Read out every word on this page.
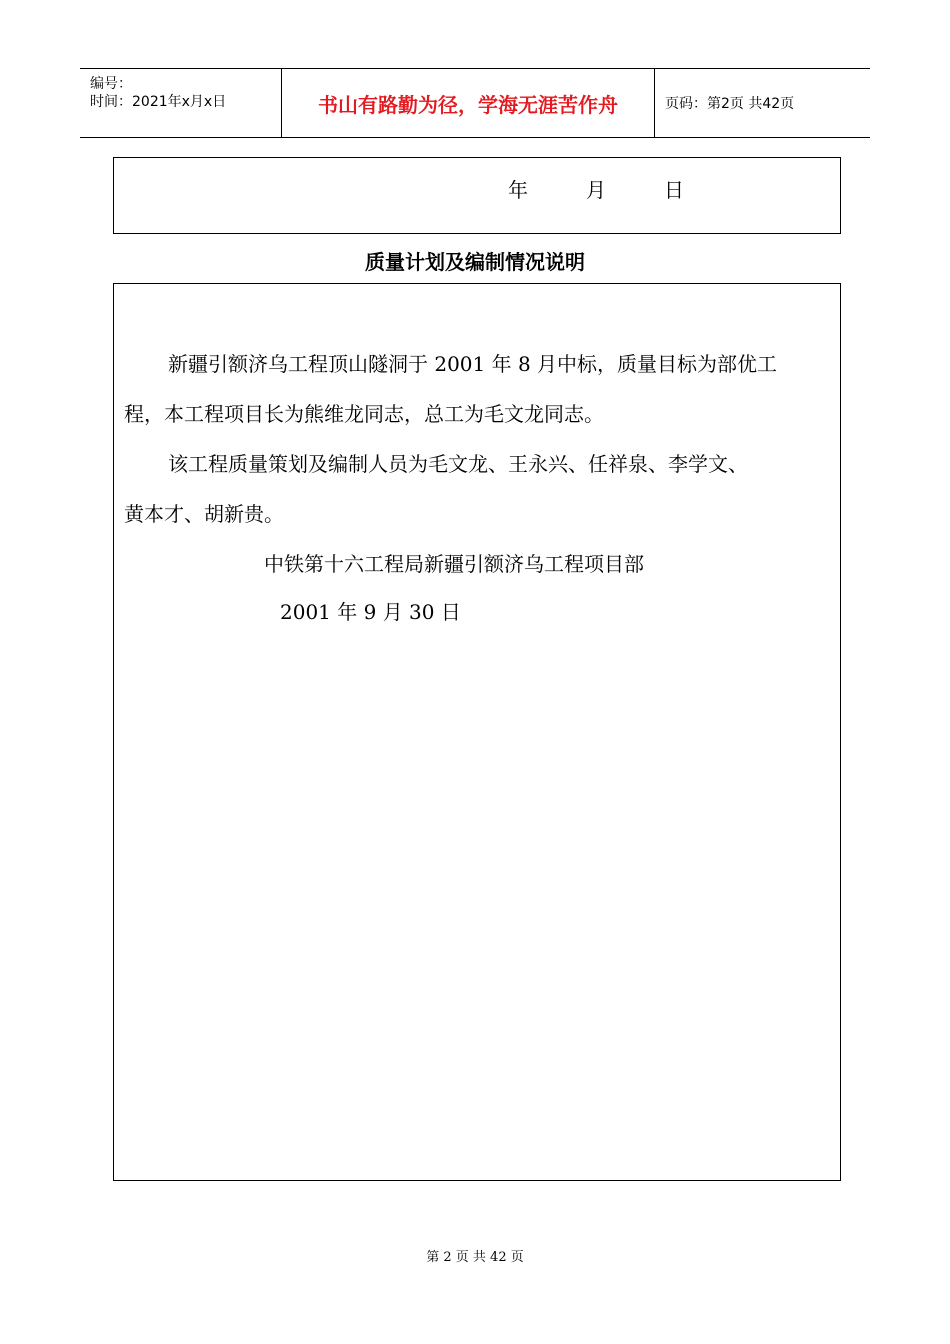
编号：
时间：2021年x月x日	书山有路勤为径，学海无涯苦作舟	页码：第2页 共42页
年	月	日
质量计划及编制情况说明
新疆引额济乌工程顶山隧洞于 2001 年 8 月中标，质量目标为部优工
程，本工程项目长为熊维龙同志，总工为毛文龙同志。
该工程质量策划及编制人员为毛文龙、王永兴、任祥泉、李学文、
黄本才、胡新贵。
中铁第十六工程局新疆引额济乌工程项目部
2001 年 9 月 30 日
第 2 页 共 42 页
